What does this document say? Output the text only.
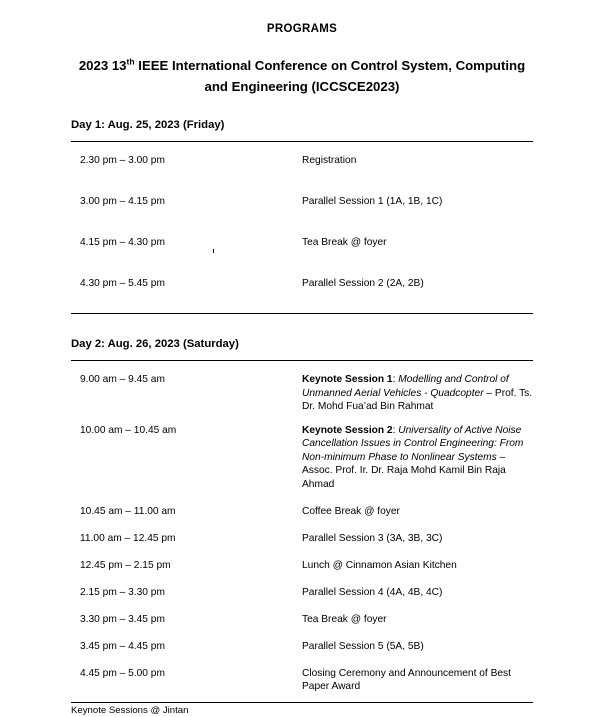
PROGRAMS
2023 13th IEEE International Conference on Control System, Computing and Engineering (ICCSCE2023)
Day 1: Aug. 25, 2023 (Friday)

2.30 pm – 3.00 pm	Registration

3.00 pm – 4.15 pm	Parallel Session 1 (1A, 1B, 1C)

4.15 pm – 4.30 pm	Tea Break @ foyer

4.30 pm – 5.45 pm	Parallel Session 2 (2A, 2B)

Day 2: Aug. 26, 2023 (Saturday)

9.00 am – 9.45 am	Keynote Session 1: Modelling and Control of Unmanned Aerial Vehicles - Quadcopter – Prof. Ts. Dr. Mohd Fua’ad Bin Rahmat

10.00 am – 10.45 am	Keynote Session 2: Universality of Active Noise Cancellation Issues in Control Engineering: From Non-minimum Phase to Nonlinear Systems – Assoc. Prof. Ir. Dr. Raja Mohd Kamil Bin Raja Ahmad

10.45 am – 11.00 am	Coffee Break @ foyer

11.00 am – 12.45 pm	Parallel Session 3 (3A, 3B, 3C)

12.45 pm – 2.15 pm	Lunch @ Cinnamon Asian Kitchen

2.15 pm – 3.30 pm	Parallel Session 4 (4A, 4B, 4C)

3.30 pm – 3.45 pm	Tea Break @ foyer

3.45 pm – 4.45 pm	Parallel Session 5 (5A, 5B)

4.45 pm – 5.00 pm	Closing Ceremony and Announcement of Best Paper Award

Keynote Sessions @ Jintan
